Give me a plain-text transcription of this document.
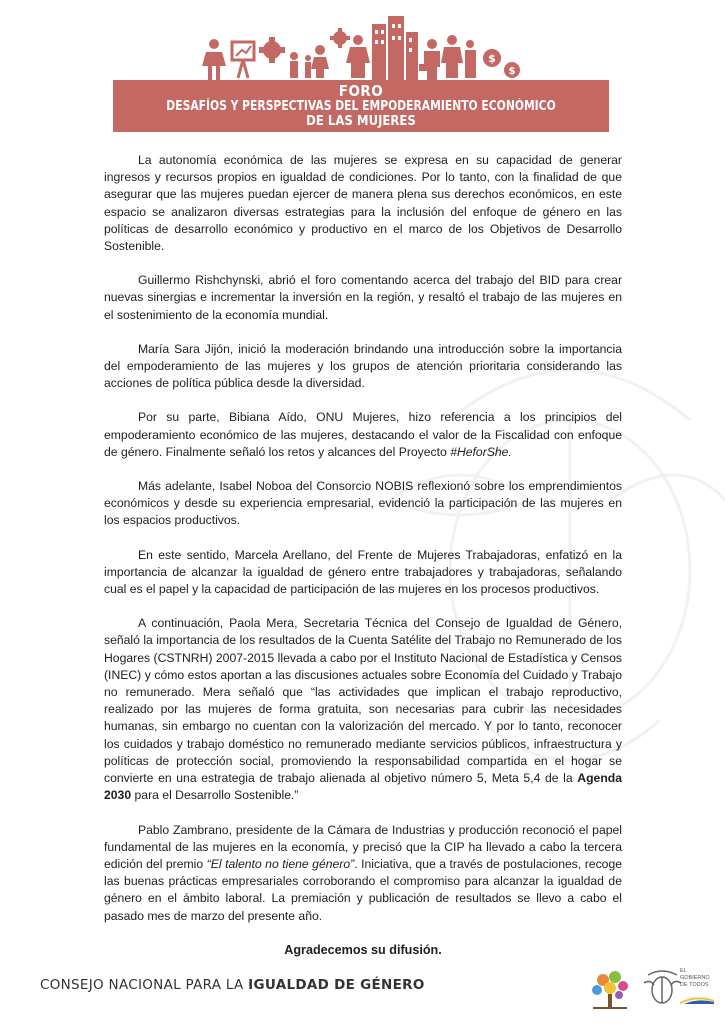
$
$
FORO
DESAFÍOS Y PERSPECTIVAS DEL EMPODERAMIENTO ECONÓMICO
DE LAS MUJERES

La autonomía económica de las mujeres se expresa en su capacidad de generar ingresos y recursos propios en igualdad de condiciones. Por lo tanto, con la finalidad de que asegurar que las mujeres puedan ejercer de manera plena sus derechos económicos, en este espacio se analizaron diversas estrategias para la inclusión del enfoque de género en las políticas de desarrollo económico y productivo en el marco de los Objetivos de Desarrollo Sostenible.

Guillermo Rishchynski, abrió el foro comentando acerca del trabajo del BID para crear nuevas sinergias e incrementar la inversión en la región, y resaltó el trabajo de las mujeres en el sostenimiento de la economía mundial.

María Sara Jijón, inició la moderación brindando una introducción sobre la importancia del empoderamiento de las mujeres y los grupos de atención prioritaria considerando las acciones de política pública desde la diversidad.

Por su parte, Bibiana Aído, ONU Mujeres, hizo referencia a los principios del empoderamiento económico de las mujeres, destacando el valor de la Fiscalidad con enfoque de género. Finalmente señaló los retos y alcances del Proyecto #HeforShe.

Más adelante, Isabel Noboa del Consorcio NOBIS reflexionó sobre los emprendimientos económicos y desde su experiencia empresarial, evidenció la participación de las mujeres en los espacios productivos.

En este sentido, Marcela Arellano, del Frente de Mujeres Trabajadoras, enfatizó en la importancia de alcanzar la igualdad de género entre trabajadores y trabajadoras, señalando cual es el papel y la capacidad de participación de las mujeres en los procesos productivos.

A continuación, Paola Mera, Secretaria Técnica del Consejo de Igualdad de Género, señaló la importancia de los resultados de la Cuenta Satélite del Trabajo no Remunerado de los Hogares (CSTNRH) 2007-2015 llevada a cabo por el Instituto Nacional de Estadística y Censos (INEC) y cómo estos aportan a las discusiones actuales sobre Economía del Cuidado y Trabajo no remunerado. Mera señaló que “las actividades que implican el trabajo reproductivo, realizado por las mujeres de forma gratuita, son necesarias para cubrir las necesidades humanas, sin embargo no cuentan con la valorización del mercado. Y por lo tanto, reconocer los cuidados y trabajo doméstico no remunerado mediante servicios públicos, infraestructura y políticas de protección social, promoviendo la responsabilidad compartida en el hogar se convierte en una estrategia de trabajo alienada al objetivo número 5, Meta 5,4 de la Agenda 2030 para el Desarrollo Sostenible.”

Pablo Zambrano, presidente de la Cámara de Industrias y producción reconoció el papel fundamental de las mujeres en la economía, y precisó que la CIP ha llevado a cabo la tercera edición del premio “El talento no tiene género”. Iniciativa, que a través de postulaciones, recoge las buenas prácticas empresariales corroborando el compromiso para alcanzar la igualdad de género en el ámbito laboral. La premiación y publicación de resultados se llevo a cabo el pasado mes de marzo del presente año.

Agradecemos su difusión.

CONSEJO NACIONAL PARA LA IGUALDAD DE GÉNERO
EL
GOBIERNO
DE TODOS
